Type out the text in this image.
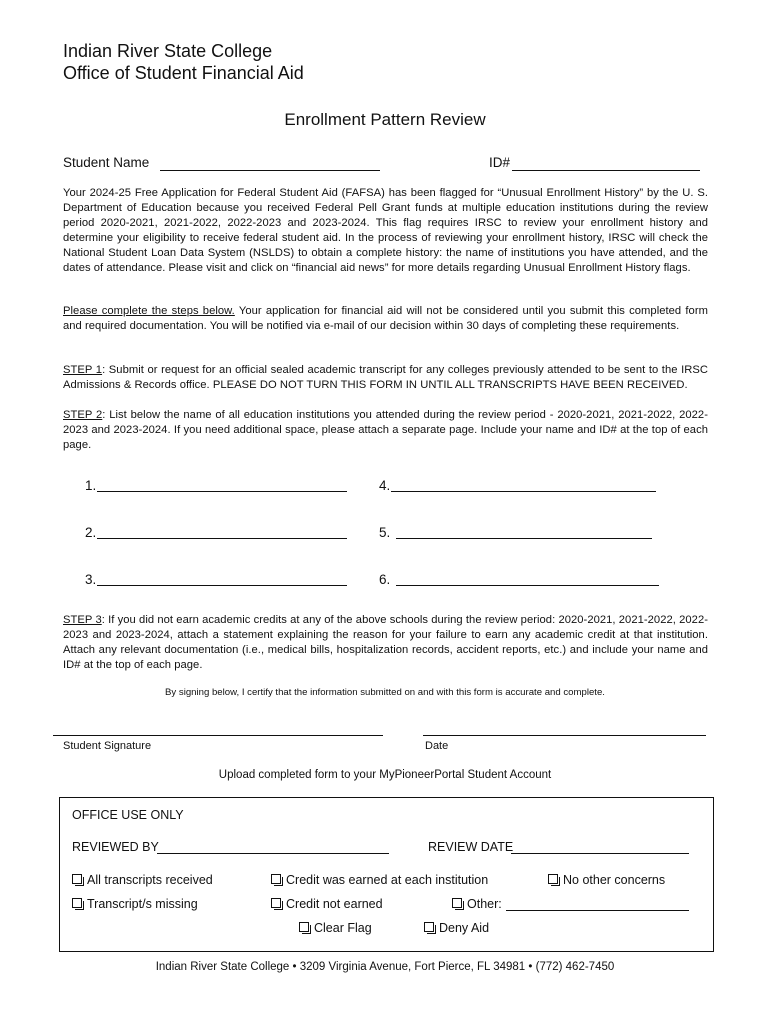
Indian River State College
Office of Student Financial Aid
Enrollment Pattern Review
Student Name	ID#
Your 2024-25 Free Application for Federal Student Aid (FAFSA) has been flagged for “Unusual Enrollment History” by the U. S. Department of Education because you received Federal Pell Grant funds at multiple education institutions during the review period 2020-2021, 2021-2022, 2022-2023 and 2023-2024. This flag requires IRSC to review your enrollment history and determine your eligibility to receive federal student aid. In the process of reviewing your enrollment history, IRSC will check the National Student Loan Data System (NSLDS) to obtain a complete history: the name of institutions you have attended, and the dates of attendance. Please visit and click on “financial aid news” for more details regarding Unusual Enrollment History flags.
Please complete the steps below. Your application for financial aid will not be considered until you submit this completed form and required documentation. You will be notified via e-mail of our decision within 30 days of completing these requirements.
STEP 1: Submit or request for an official sealed academic transcript for any colleges previously attended to be sent to the IRSC Admissions & Records office. PLEASE DO NOT TURN THIS FORM IN UNTIL ALL TRANSCRIPTS HAVE BEEN RECEIVED.
STEP 2: List below the name of all education institutions you attended during the review period - 2020-2021, 2021-2022, 2022-2023 and 2023-2024. If you need additional space, please attach a separate page. Include your name and ID# at the top of each page.
1.
2.
3.
4.
5.
6.
STEP 3: If you did not earn academic credits at any of the above schools during the review period: 2020-2021, 2021-2022, 2022-2023 and 2023-2024, attach a statement explaining the reason for your failure to earn any academic credit at that institution. Attach any relevant documentation (i.e., medical bills, hospitalization records, accident reports, etc.) and include your name and ID# at the top of each page.
By signing below, I certify that the information submitted on and with this form is accurate and complete.
Student Signature	Date
Upload completed form to your MyPioneerPortal Student Account
OFFICE USE ONLY
REVIEWED BY	REVIEW DATE
All transcripts received	Credit was earned at each institution	No other concerns
Transcript/s missing	Credit not earned	Other:
Clear Flag	Deny Aid
Indian River State College • 3209 Virginia Avenue, Fort Pierce, FL 34981 • (772) 462-7450
